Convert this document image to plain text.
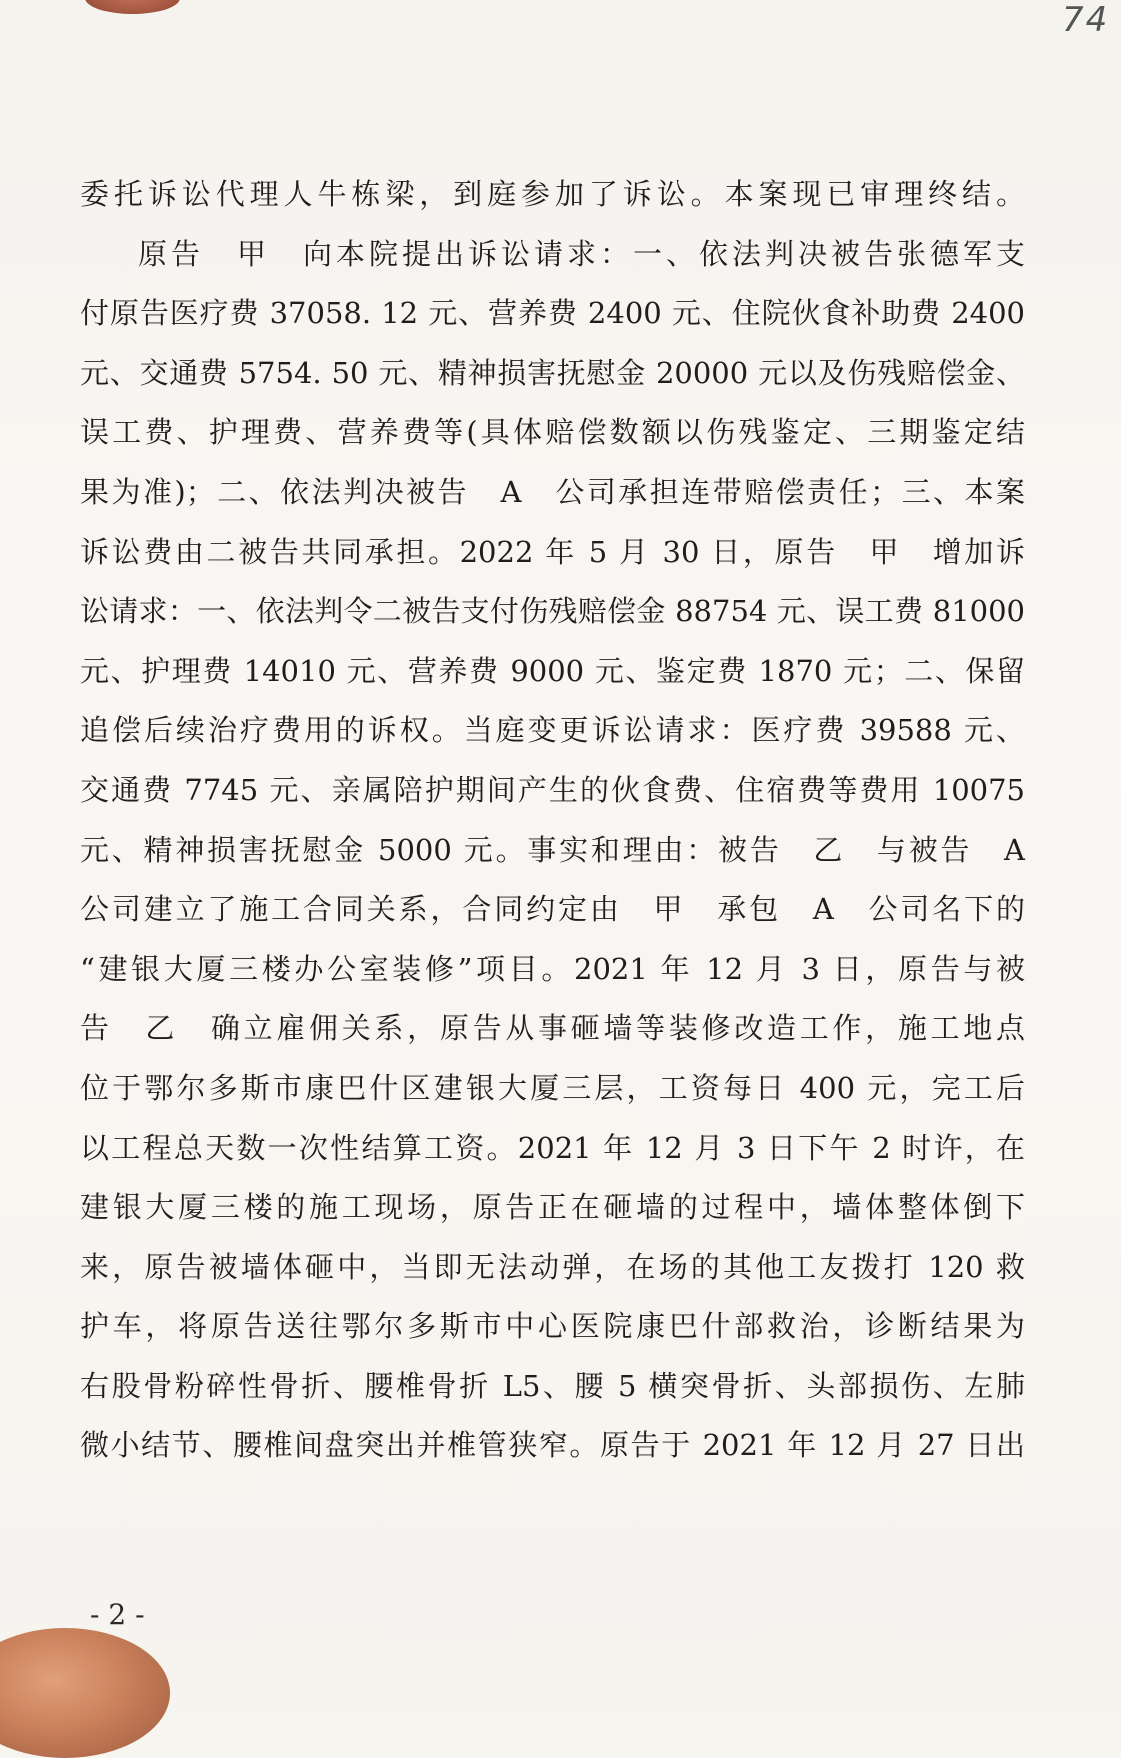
74
委托诉讼代理人牛栋梁，到庭参加了诉讼。本案现已审理终结。
原告　甲　向本院提出诉讼请求：一、依法判决被告张德军支
付原告医疗费 37058. 12 元、营养费 2400 元、住院伙食补助费 2400
元、交通费 5754. 50 元、精神损害抚慰金 20000 元以及伤残赔偿金、
误工费、护理费、营养费等(具体赔偿数额以伤残鉴定、三期鉴定结
果为准)；二、依法判决被告　A　公司承担连带赔偿责任；三、本案
诉讼费由二被告共同承担。2022 年 5 月 30 日，原告　甲　增加诉
讼请求：一、依法判令二被告支付伤残赔偿金 88754 元、误工费 81000
元、护理费 14010 元、营养费 9000 元、鉴定费 1870 元；二、保留
追偿后续治疗费用的诉权。当庭变更诉讼请求：医疗费 39588 元、
交通费 7745 元、亲属陪护期间产生的伙食费、住宿费等费用 10075
元、精神损害抚慰金 5000 元。事实和理由：被告　乙　与被告　A
公司建立了施工合同关系，合同约定由　甲　承包　A　公司名下的
“建银大厦三楼办公室装修”项目。2021 年 12 月 3 日，原告与被
告　乙　确立雇佣关系，原告从事砸墙等装修改造工作，施工地点
位于鄂尔多斯市康巴什区建银大厦三层，工资每日 400 元，完工后
以工程总天数一次性结算工资。2021 年 12 月 3 日下午 2 时许，在
建银大厦三楼的施工现场，原告正在砸墙的过程中，墙体整体倒下
来，原告被墙体砸中，当即无法动弹，在场的其他工友拨打 120 救
护车，将原告送往鄂尔多斯市中心医院康巴什部救治，诊断结果为
右股骨粉碎性骨折、腰椎骨折 L5、腰 5 横突骨折、头部损伤、左肺
微小结节、腰椎间盘突出并椎管狭窄。原告于 2021 年 12 月 27 日出
- 2 -
